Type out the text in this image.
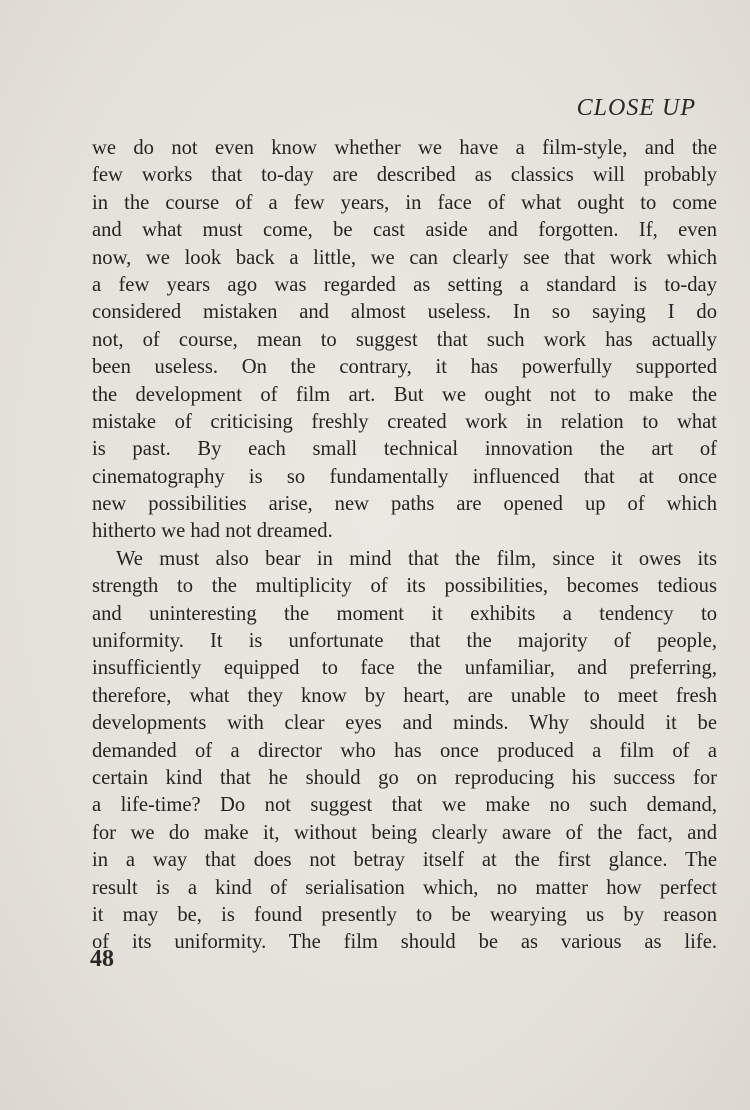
CLOSE UP
we do not even know whether we have a film-style, and the
few works that to-day are described as classics will probably
in the course of a few years, in face of what ought to come
and what must come, be cast aside and forgotten. If, even
now, we look back a little, we can clearly see that work which
a few years ago was regarded as setting a standard is to-day
considered mistaken and almost useless. In so saying I do
not, of course, mean to suggest that such work has actually
been useless. On the contrary, it has powerfully supported
the development of film art. But we ought not to make the
mistake of criticising freshly created work in relation to what
is past. By each small technical innovation the art of
cinematography is so fundamentally influenced that at once
new possibilities arise, new paths are opened up of which
hitherto we had not dreamed.
We must also bear in mind that the film, since it owes its
strength to the multiplicity of its possibilities, becomes tedious
and uninteresting the moment it exhibits a tendency to
uniformity. It is unfortunate that the majority of people,
insufficiently equipped to face the unfamiliar, and preferring,
therefore, what they know by heart, are unable to meet fresh
developments with clear eyes and minds. Why should it be
demanded of a director who has once produced a film of a
certain kind that he should go on reproducing his success for
a life-time? Do not suggest that we make no such demand,
for we do make it, without being clearly aware of the fact, and
in a way that does not betray itself at the first glance. The
result is a kind of serialisation which, no matter how perfect
it may be, is found presently to be wearying us by reason
of its uniformity. The film should be as various as life.
48
